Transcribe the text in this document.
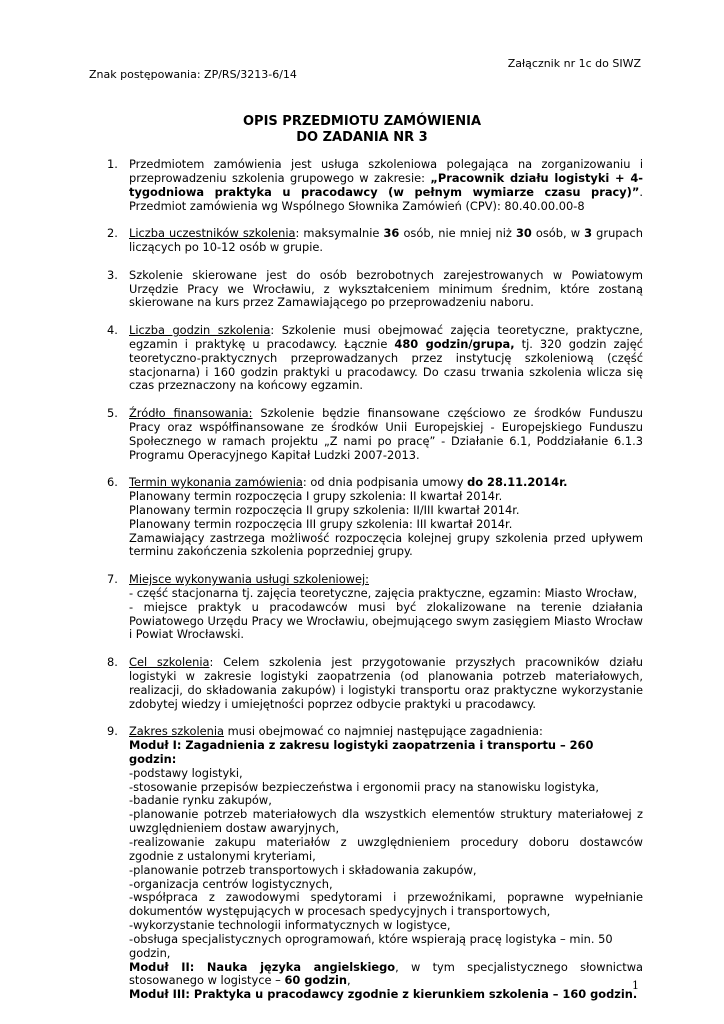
Załącznik nr 1c do SIWZ
Znak postępowania: ZP/RS/3213-6/14
OPIS PRZEDMIOTU ZAMÓWIENIA
DO ZADANIA NR 3
1. Przedmiotem zamówienia jest usługa szkoleniowa polegająca na zorganizowaniu i przeprowadzeniu szkolenia grupowego w zakresie: „Pracownik działu logistyki + 4-tygodniowa praktyka u pracodawcy (w pełnym wymiarze czasu pracy)”. Przedmiot zamówienia wg Wspólnego Słownika Zamówień (CPV): 80.40.00.00-8
2. Liczba uczestników szkolenia: maksymalnie 36 osób, nie mniej niż 30 osób, w 3 grupach liczących po 10-12 osób w grupie.
3. Szkolenie skierowane jest do osób bezrobotnych zarejestrowanych w Powiatowym Urzędzie Pracy we Wrocławiu, z wykształceniem minimum średnim, które zostaną skierowane na kurs przez Zamawiającego po przeprowadzeniu naboru.
4. Liczba godzin szkolenia: Szkolenie musi obejmować zajęcia teoretyczne, praktyczne, egzamin i praktykę u pracodawcy. Łącznie 480 godzin/grupa, tj. 320 godzin zajęć teoretyczno-praktycznych przeprowadzanych przez instytucję szkoleniową (część stacjonarna) i 160 godzin praktyki u pracodawcy. Do czasu trwania szkolenia wlicza się czas przeznaczony na końcowy egzamin.
5. Źródło finansowania: Szkolenie będzie finansowane częściowo ze środków Funduszu Pracy oraz współfinansowane ze środków Unii Europejskiej - Europejskiego Funduszu Społecznego w ramach projektu „Z nami po pracę” - Działanie 6.1, Poddziałanie 6.1.3 Programu Operacyjnego Kapitał Ludzki 2007-2013.
6. Termin wykonania zamówienia: od dnia podpisania umowy do 28.11.2014r.
Planowany termin rozpoczęcia I grupy szkolenia: II kwartał 2014r.
Planowany termin rozpoczęcia II grupy szkolenia: II/III kwartał 2014r.
Planowany termin rozpoczęcia III grupy szkolenia: III kwartał 2014r.
Zamawiający zastrzega możliwość rozpoczęcia kolejnej grupy szkolenia przed upływem terminu zakończenia szkolenia poprzedniej grupy.
7. Miejsce wykonywania usługi szkoleniowej:
- część stacjonarna tj. zajęcia teoretyczne, zajęcia praktyczne, egzamin: Miasto Wrocław,
- miejsce praktyk u pracodawców musi być zlokalizowane na terenie działania Powiatowego Urzędu Pracy we Wrocławiu, obejmującego swym zasięgiem Miasto Wrocław i Powiat Wrocławski.
8. Cel szkolenia: Celem szkolenia jest przygotowanie przyszłych pracowników działu logistyki w zakresie logistyki zaopatrzenia (od planowania potrzeb materiałowych, realizacji, do składowania zakupów) i logistyki transportu oraz praktyczne wykorzystanie zdobytej wiedzy i umiejętności poprzez odbycie praktyki u pracodawcy.
9. Zakres szkolenia musi obejmować co najmniej następujące zagadnienia:
Moduł I: Zagadnienia z zakresu logistyki zaopatrzenia i transportu – 260 godzin:
-podstawy logistyki,
-stosowanie przepisów bezpieczeństwa i ergonomii pracy na stanowisku logistyka,
-badanie rynku zakupów,
-planowanie potrzeb materiałowych dla wszystkich elementów struktury materiałowej z uwzględnieniem dostaw awaryjnych,
-realizowanie zakupu materiałów z uwzględnieniem procedury doboru dostawców zgodnie z ustalonymi kryteriami,
-planowanie potrzeb transportowych i składowania zakupów,
-organizacja centrów logistycznych,
-współpraca z zawodowymi spedytorami i przewoźnikami, poprawne wypełnianie dokumentów występujących w procesach spedycyjnych i transportowych,
-wykorzystanie technologii informatycznych w logistyce,
-obsługa specjalistycznych oprogramowań, które wspierają pracę logistyka – min. 50 godzin,
Moduł II: Nauka języka angielskiego, w tym specjalistycznego słownictwa stosowanego w logistyce – 60 godzin,
Moduł III: Praktyka u pracodawcy zgodnie z kierunkiem szkolenia – 160 godzin.
1
